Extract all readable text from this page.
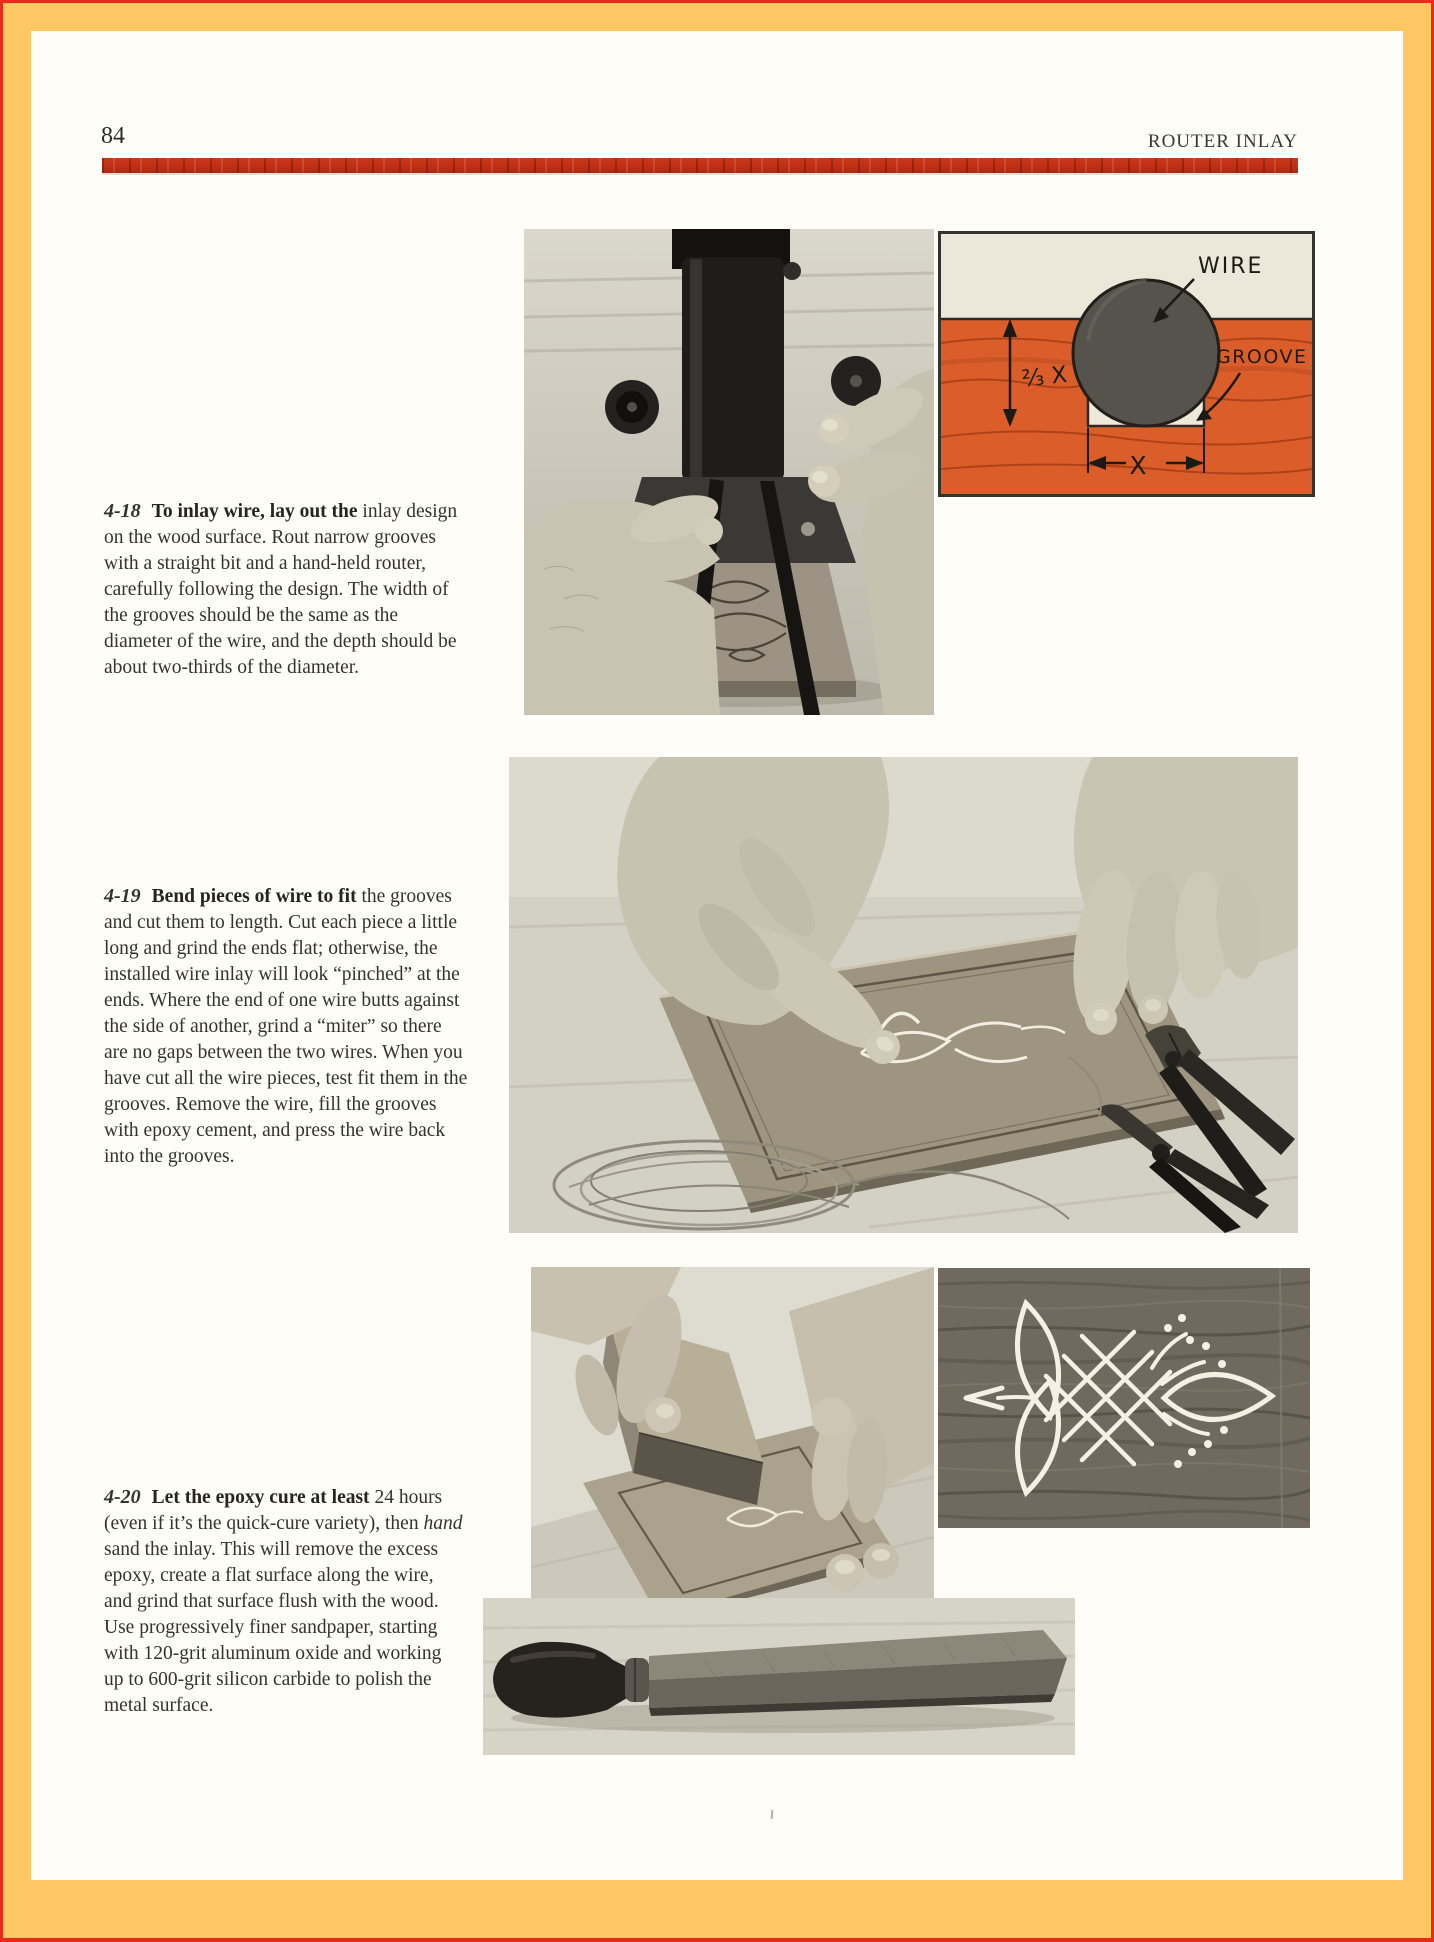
84	ROUTER INLAY
⅔ X
X
WIRE
GROOVE

4-18 To inlay wire, lay out the inlay design on the wood surface. Rout narrow grooves with a straight bit and a hand-held router, carefully following the design. The width of the grooves should be the same as the diameter of the wire, and the depth should be about two-thirds of the diameter.

4-19 Bend pieces of wire to fit the grooves and cut them to length. Cut each piece a little long and grind the ends flat; otherwise, the installed wire inlay will look “pinched” at the ends. Where the end of one wire butts against the side of another, grind a “miter” so there are no gaps between the two wires. When you have cut all the wire pieces, test fit them in the grooves. Remove the wire, fill the grooves with epoxy cement, and press the wire back into the grooves.

4-20 Let the epoxy cure at least 24 hours (even if it’s the quick-cure variety), then hand sand the inlay. This will remove the excess epoxy, create a flat surface along the wire, and grind that surface flush with the wood. Use progressively finer sandpaper, starting with 120-grit aluminum oxide and working up to 600-grit silicon carbide to polish the metal surface.
